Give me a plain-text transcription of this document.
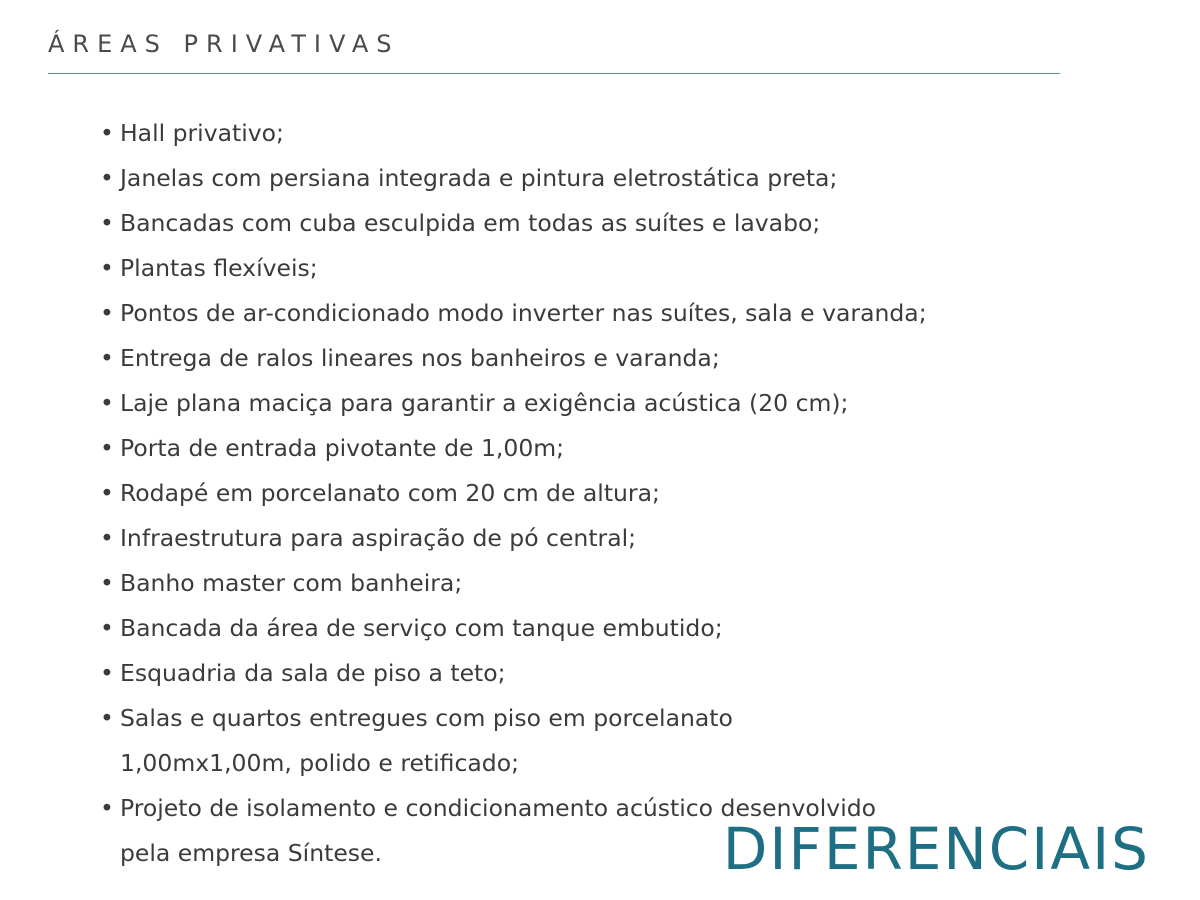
ÁREAS PRIVATIVAS
• Hall privativo;
• Janelas com persiana integrada e pintura eletrostática preta;
• Bancadas com cuba esculpida em todas as suítes e lavabo;
• Plantas flexíveis;
• Pontos de ar-condicionado modo inverter nas suítes, sala e varanda;
• Entrega de ralos lineares nos banheiros e varanda;
• Laje plana maciça para garantir a exigência acústica (20 cm);
• Porta de entrada pivotante de 1,00m;
• Rodapé em porcelanato com 20 cm de altura;
• Infraestrutura para aspiração de pó central;
• Banho master com banheira;
• Bancada da área de serviço com tanque embutido;
• Esquadria da sala de piso a teto;
• Salas e quartos entregues com piso em porcelanato
1,00mx1,00m, polido e retificado;
• Projeto de isolamento e condicionamento acústico desenvolvido
pela empresa Síntese.	DIFERENCIAIS
